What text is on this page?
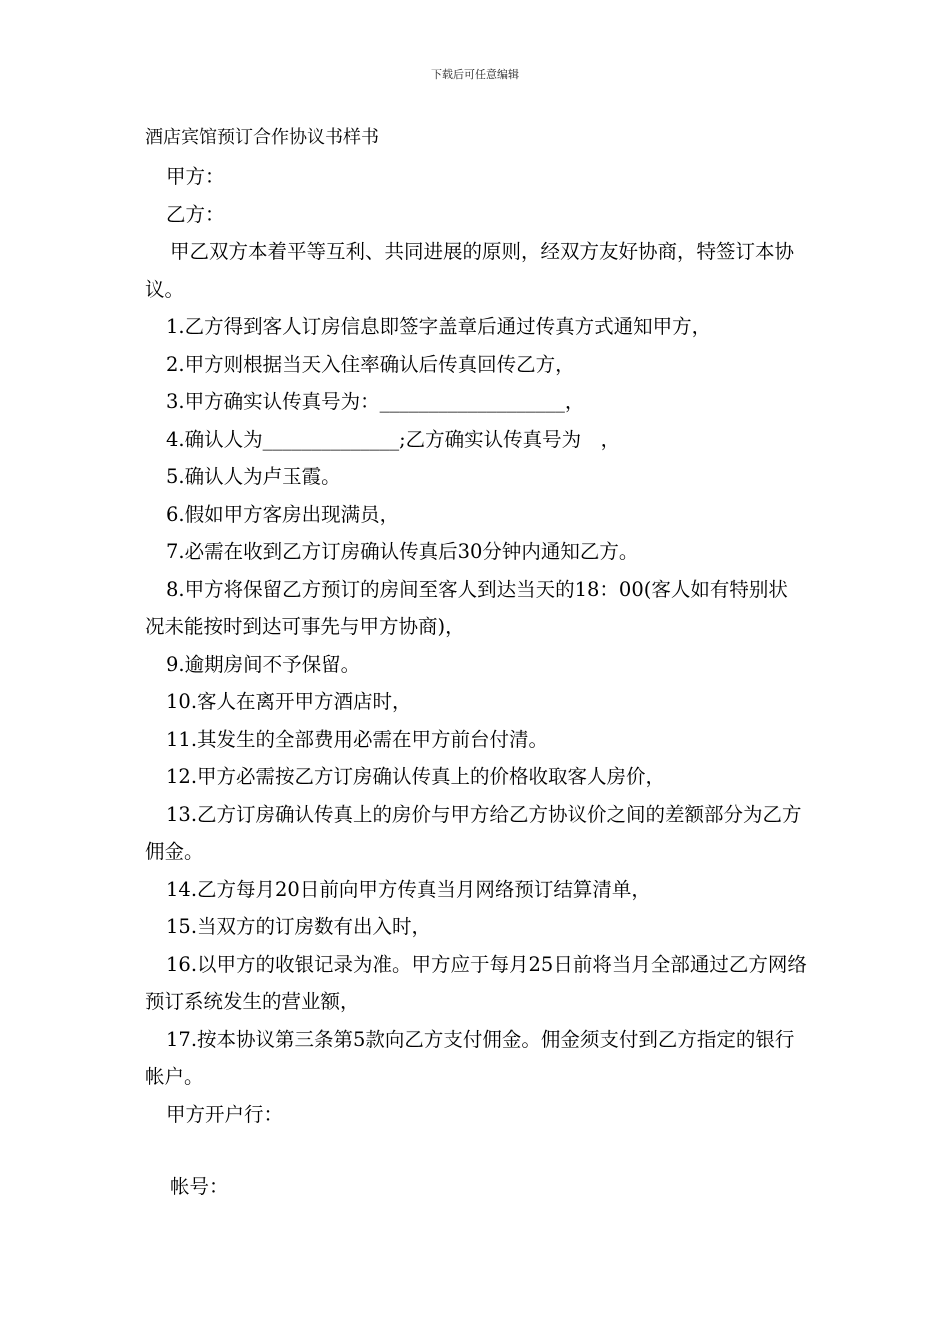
下载后可任意编辑

酒店宾馆预订合作协议书样书

甲方：

乙方：

甲乙双方本着平等互利、共同进展的原则，经双方友好协商，特签订本协议。

1.乙方得到客人订房信息即签字盖章后通过传真方式通知甲方，

2.甲方则根据当天入住率确认后传真回传乙方，

3.甲方确实认传真号为：___________________，

4.确认人为______________;乙方确实认传真号为　，

5.确认人为卢玉霞。

6.假如甲方客房出现满员，

7.必需在收到乙方订房确认传真后30分钟内通知乙方。

8.甲方将保留乙方预订的房间至客人到达当天的18：00(客人如有特别状况未能按时到达可事先与甲方协商)，

9.逾期房间不予保留。

10.客人在离开甲方酒店时，

11.其发生的全部费用必需在甲方前台付清。

12.甲方必需按乙方订房确认传真上的价格收取客人房价，

13.乙方订房确认传真上的房价与甲方给乙方协议价之间的差额部分为乙方佣金。

14.乙方每月20日前向甲方传真当月网络预订结算清单，

15.当双方的订房数有出入时，

16.以甲方的收银记录为准。甲方应于每月25日前将当月全部通过乙方网络预订系统发生的营业额，

17.按本协议第三条第5款向乙方支付佣金。佣金须支付到乙方指定的银行帐户。

甲方开户行：

帐号：
